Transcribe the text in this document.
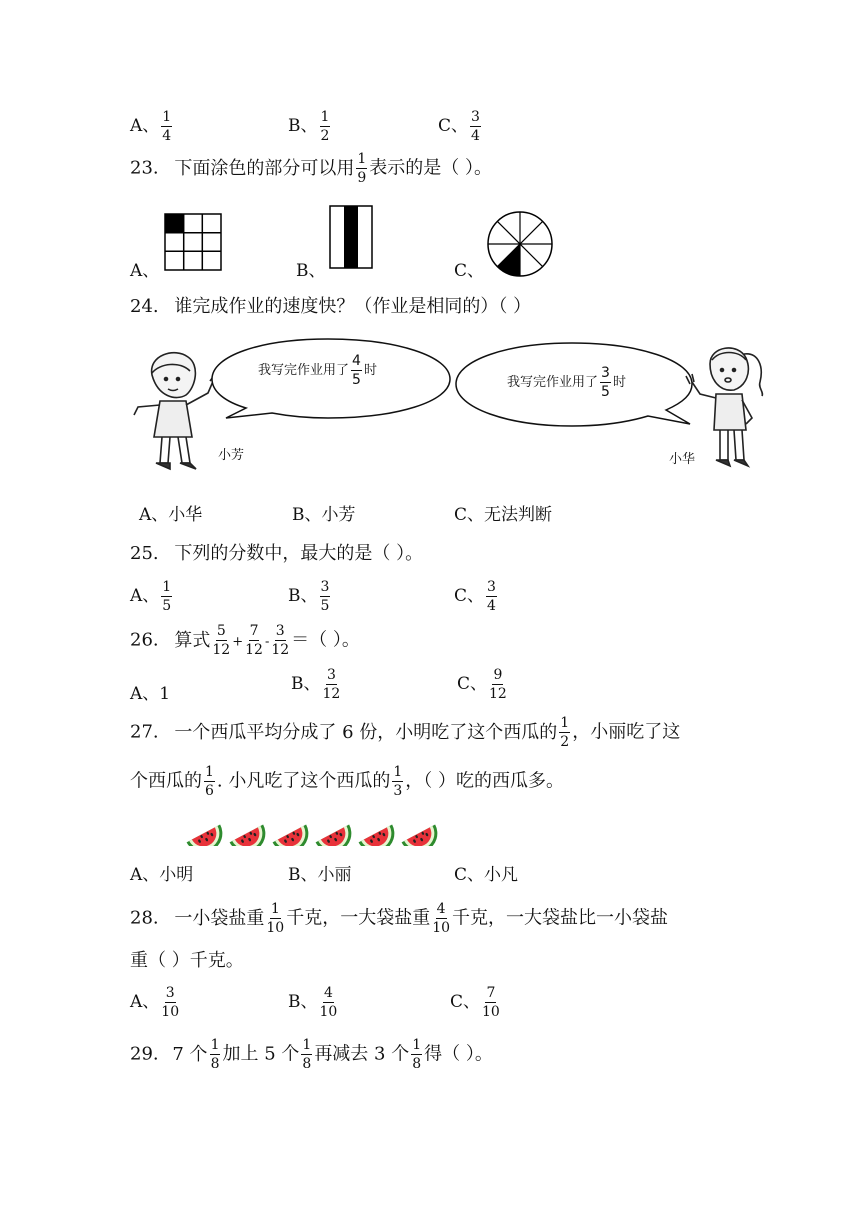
A、 $\frac{1}{4}$	B、 $\frac{1}{2}$	C、 $\frac{3}{4}$
23. 下面涂色的部分可以用 $\frac{1}{9}$ 表示的是（ ）。
A、	B、	C、
24. 谁完成作业的速度快？（作业是相同的）（ ）
小芳
我写完作业用了 $\frac{4}{5}$ 时
我写完作业用了 $\frac{3}{5}$ 时
小华
A、小华	B、小芳	C、无法判断
25. 下列的分数中，最大的是（ ）。
A、 $\frac{1}{5}$	B、 $\frac{3}{5}$	C、 $\frac{3}{4}$
26. 算式 $\frac{5}{12} + \frac{7}{12} - \frac{3}{12}$ ＝（ ）。
A、1	B、 $\frac{3}{12}$	C、 $\frac{9}{12}$
27. 一个西瓜平均分成了 6 份，小明吃了这个西瓜的 $\frac{1}{2}$ ，小丽吃了这
个西瓜的 $\frac{1}{6}$ . 小凡吃了这个西瓜的 $\frac{1}{3}$ ，（ ）吃的西瓜多。
A、小明	B、小丽	C、小凡
28. 一小袋盐重 $\frac{1}{10}$ 千克，一大袋盐重 $\frac{4}{10}$ 千克，一大袋盐比一小袋盐
重（ ）千克。
A、 $\frac{3}{10}$	B、 $\frac{4}{10}$	C、 $\frac{7}{10}$
29. 7 个 $\frac{1}{8}$ 加上 5 个 $\frac{1}{8}$ 再减去 3 个 $\frac{1}{8}$ 得（ ）。
